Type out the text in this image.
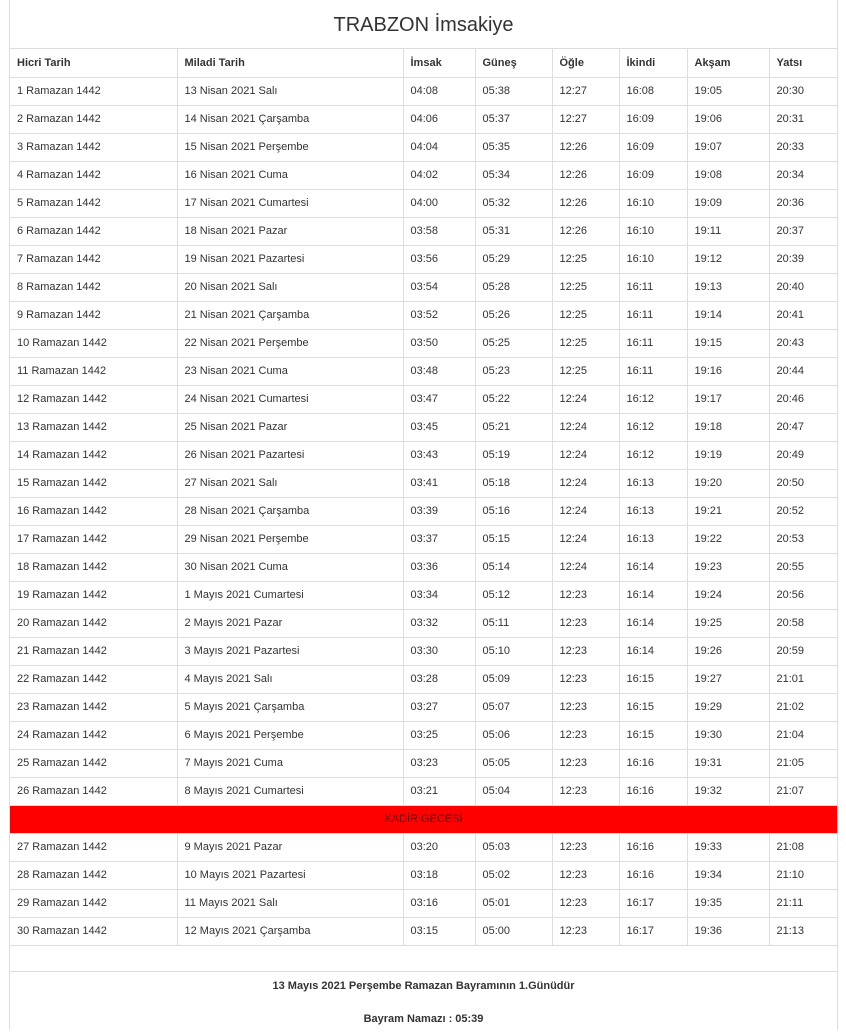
TRABZON İmsakiye
Hicri Tarih	Miladi Tarih	İmsak	Güneş	Öğle	İkindi	Akşam	Yatsı
1 Ramazan 1442	13 Nisan 2021 Salı	04:08	05:38	12:27	16:08	19:05	20:30
2 Ramazan 1442	14 Nisan 2021 Çarşamba	04:06	05:37	12:27	16:09	19:06	20:31
3 Ramazan 1442	15 Nisan 2021 Perşembe	04:04	05:35	12:26	16:09	19:07	20:33
4 Ramazan 1442	16 Nisan 2021 Cuma	04:02	05:34	12:26	16:09	19:08	20:34
5 Ramazan 1442	17 Nisan 2021 Cumartesi	04:00	05:32	12:26	16:10	19:09	20:36
6 Ramazan 1442	18 Nisan 2021 Pazar	03:58	05:31	12:26	16:10	19:11	20:37
7 Ramazan 1442	19 Nisan 2021 Pazartesi	03:56	05:29	12:25	16:10	19:12	20:39
8 Ramazan 1442	20 Nisan 2021 Salı	03:54	05:28	12:25	16:11	19:13	20:40
9 Ramazan 1442	21 Nisan 2021 Çarşamba	03:52	05:26	12:25	16:11	19:14	20:41
10 Ramazan 1442	22 Nisan 2021 Perşembe	03:50	05:25	12:25	16:11	19:15	20:43
11 Ramazan 1442	23 Nisan 2021 Cuma	03:48	05:23	12:25	16:11	19:16	20:44
12 Ramazan 1442	24 Nisan 2021 Cumartesi	03:47	05:22	12:24	16:12	19:17	20:46
13 Ramazan 1442	25 Nisan 2021 Pazar	03:45	05:21	12:24	16:12	19:18	20:47
14 Ramazan 1442	26 Nisan 2021 Pazartesi	03:43	05:19	12:24	16:12	19:19	20:49
15 Ramazan 1442	27 Nisan 2021 Salı	03:41	05:18	12:24	16:13	19:20	20:50
16 Ramazan 1442	28 Nisan 2021 Çarşamba	03:39	05:16	12:24	16:13	19:21	20:52
17 Ramazan 1442	29 Nisan 2021 Perşembe	03:37	05:15	12:24	16:13	19:22	20:53
18 Ramazan 1442	30 Nisan 2021 Cuma	03:36	05:14	12:24	16:14	19:23	20:55
19 Ramazan 1442	1 Mayıs 2021 Cumartesi	03:34	05:12	12:23	16:14	19:24	20:56
20 Ramazan 1442	2 Mayıs 2021 Pazar	03:32	05:11	12:23	16:14	19:25	20:58
21 Ramazan 1442	3 Mayıs 2021 Pazartesi	03:30	05:10	12:23	16:14	19:26	20:59
22 Ramazan 1442	4 Mayıs 2021 Salı	03:28	05:09	12:23	16:15	19:27	21:01
23 Ramazan 1442	5 Mayıs 2021 Çarşamba	03:27	05:07	12:23	16:15	19:29	21:02
24 Ramazan 1442	6 Mayıs 2021 Perşembe	03:25	05:06	12:23	16:15	19:30	21:04
25 Ramazan 1442	7 Mayıs 2021 Cuma	03:23	05:05	12:23	16:16	19:31	21:05
26 Ramazan 1442	8 Mayıs 2021 Cumartesi	03:21	05:04	12:23	16:16	19:32	21:07
KADİR GECESİ							
27 Ramazan 1442	9 Mayıs 2021 Pazar	03:20	05:03	12:23	16:16	19:33	21:08
28 Ramazan 1442	10 Mayıs 2021 Pazartesi	03:18	05:02	12:23	16:16	19:34	21:10
29 Ramazan 1442	11 Mayıs 2021 Salı	03:16	05:01	12:23	16:17	19:35	21:11
30 Ramazan 1442	12 Mayıs 2021 Çarşamba	03:15	05:00	12:23	16:17	19:36	21:13
13 Mayıs 2021 Perşembe Ramazan Bayramının 1.Günüdür
Bayram Namazı : 05:39
